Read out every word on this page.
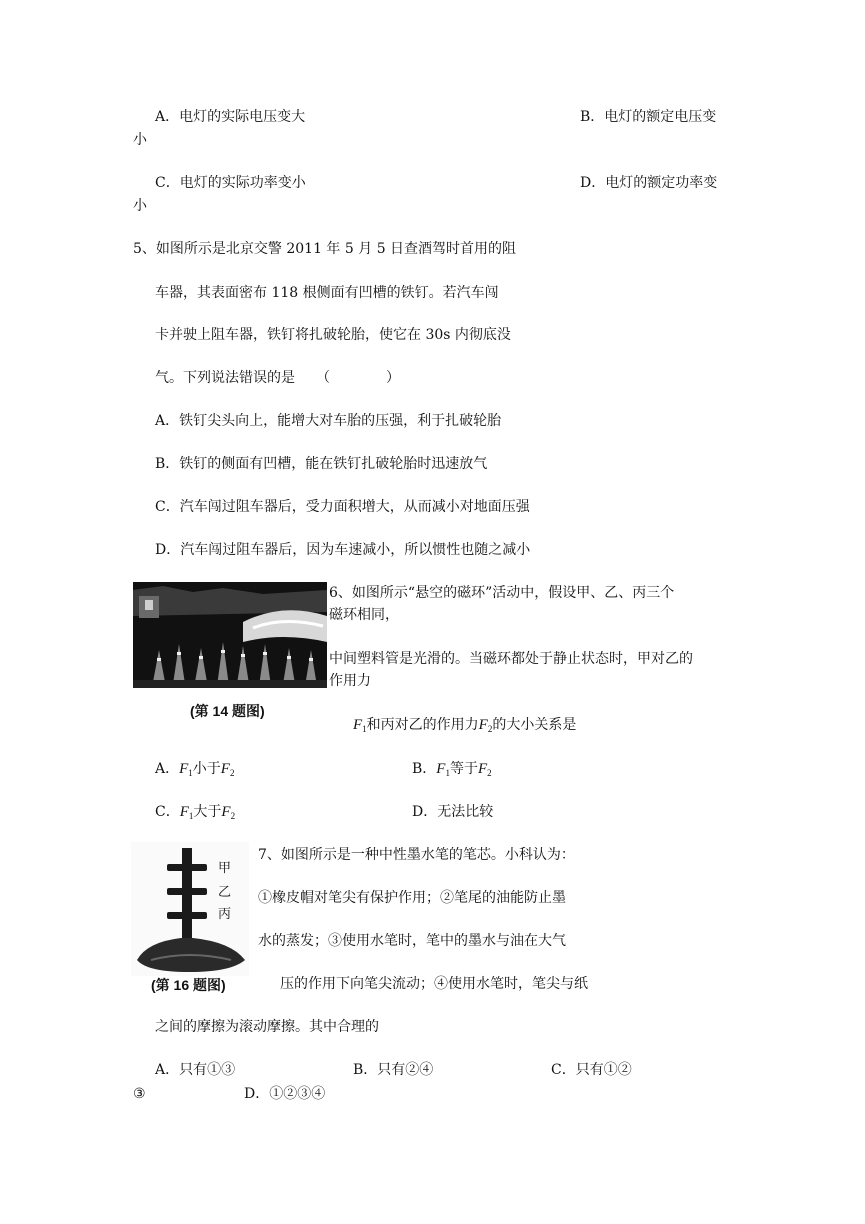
A．电灯的实际电压变大	B．电灯的额定电压变
小
C．电灯的实际功率变小	D．电灯的额定功率变
小
5、如图所示是北京交警 2011 年 5 月 5 日查酒驾时首用的阻
车器，其表面密布 118 根侧面有凹槽的铁钉。若汽车闯
卡并驶上阻车器，铁钉将扎破轮胎，使它在 30s 内彻底没
气。下列说法错误的是　　（　　　　）
A．铁钉尖头向上，能增大对车胎的压强，利于扎破轮胎
B．铁钉的侧面有凹槽，能在铁钉扎破轮胎时迅速放气
C．汽车闯过阻车器后，受力面积增大，从而减小对地面压强
D．汽车闯过阻车器后，因为车速减小，所以惯性也随之减小
(第 14 题图)
6、如图所示“悬空的磁环”活动中，假设甲、乙、丙三个
磁环相同，
中间塑料管是光滑的。当磁环都处于静止状态时，甲对乙的
作用力
$F_1$和丙对乙的作用力$F_2$的大小关系是
A．$F_1$小于$F_2$	B．$F_1$等于$F_2$
C．$F_1$大于$F_2$	D．无法比较
甲
乙
丙
(第 16 题图)
7、如图所示是一种中性墨水笔的笔芯。小科认为：
①橡皮帽对笔尖有保护作用；②笔尾的油能防止墨
水的蒸发；③使用水笔时，笔中的墨水与油在大气
压的作用下向笔尖流动；④使用水笔时，笔尖与纸
之间的摩擦为滚动摩擦。其中合理的
A．只有①③	B．只有②④	C．只有①②
③	D．①②③④
